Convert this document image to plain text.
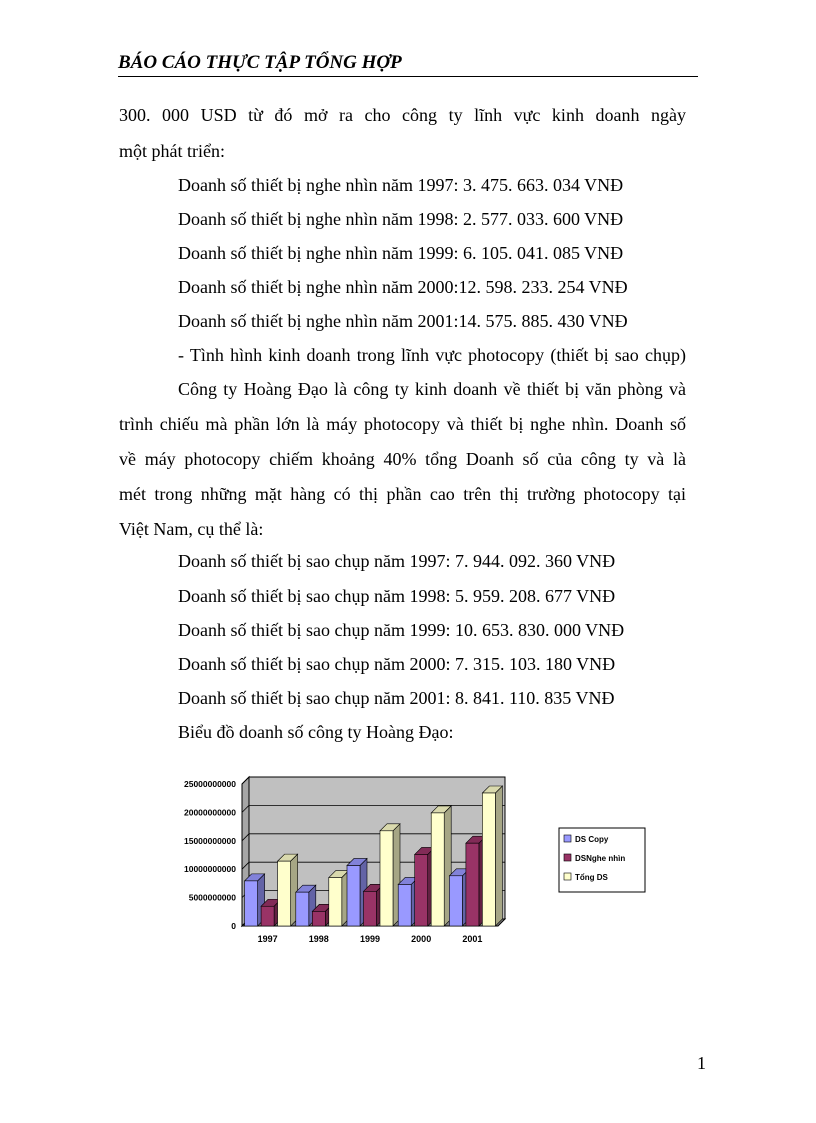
BÁO CÁO THỰC TẬP TỔNG HỢP
300. 000 USD từ đó mở ra cho công ty lĩnh vực kinh doanh ngày
một phát triển:
Doanh số thiết bị nghe nhìn năm 1997: 3. 475. 663. 034 VNĐ
Doanh số thiết bị nghe nhìn năm 1998: 2. 577. 033. 600 VNĐ
Doanh số thiết bị nghe nhìn năm 1999: 6. 105. 041. 085 VNĐ
Doanh số thiết bị nghe nhìn năm 2000:12. 598. 233. 254 VNĐ
Doanh số thiết bị nghe nhìn năm 2001:14. 575. 885. 430 VNĐ
- Tình hình kinh doanh trong lĩnh vực photocopy (thiết bị sao chụp)
Công ty Hoàng Đạo là công ty kinh doanh về thiết bị văn phòng và
trình chiếu mà phần lớn là máy photocopy và thiết bị nghe nhìn. Doanh số
về máy photocopy chiếm khoảng 40% tổng Doanh số của công ty và là
mét trong những mặt hàng có thị phần cao trên thị trường photocopy tại
Việt Nam, cụ thể là:
Doanh số thiết bị sao chụp năm 1997: 7. 944. 092. 360 VNĐ
Doanh số thiết bị sao chụp năm 1998: 5. 959. 208. 677 VNĐ
Doanh số thiết bị sao chụp năm 1999: 10. 653. 830. 000 VNĐ
Doanh số thiết bị sao chụp năm 2000: 7. 315. 103. 180 VNĐ
Doanh số thiết bị sao chụp năm 2001: 8. 841. 110. 835 VNĐ
Biểu đồ doanh số công ty Hoàng Đạo:
0
5000000000
10000000000
15000000000
20000000000
25000000000
1997	1998	1999	2000	2001
DS Copy
DSNghe nhìn
Tổng DS
1
